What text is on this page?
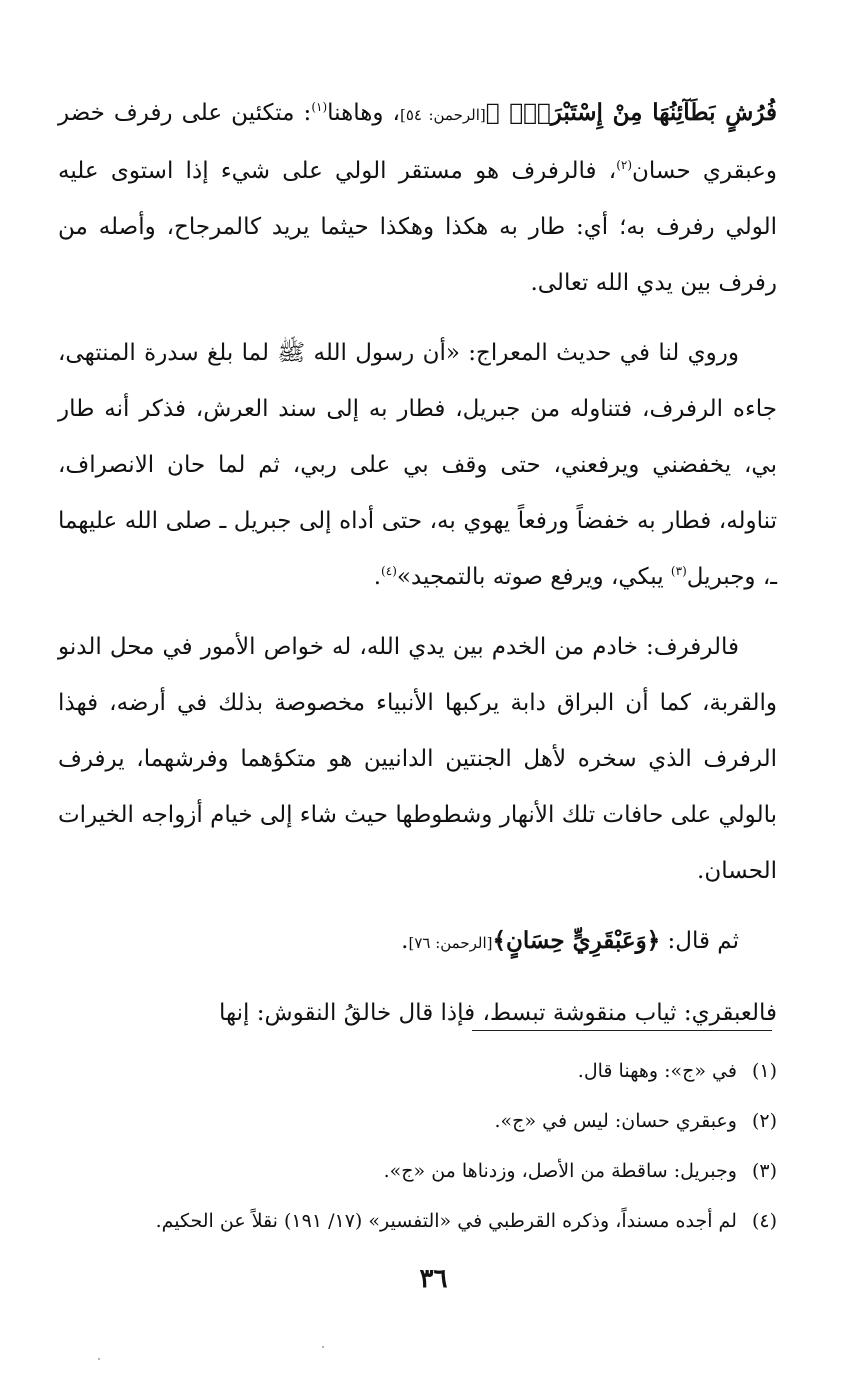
فُرُشٍ بَطَآئِنُهَا مِنْ إِسْتَبْرَقٍۚ ﴾[الرحمن: ٥٤]، وهاهنا$^{(١)}$: متكئين على رفرف خضر وعبقري حسان$^{(٢)}$، فالرفرف هو مستقر الولي على شيء إذا استوى عليه الولي رفرف به؛ أي: طار به هكذا وهكذا حيثما يريد كالمرجاح، وأصله من رفرف بين يدي الله تعالى.

وروي لنا في حديث المعراج: «أن رسول الله ﷺ لما بلغ سدرة المنتهى، جاءه الرفرف، فتناوله من جبريل، فطار به إلى سند العرش، فذكر أنه طار بي، يخفضني ويرفعني، حتى وقف بي على ربي، ثم لما حان الانصراف، تناوله، فطار به خفضاً ورفعاً يهوي به، حتى أداه إلى جبريل ـ صلى الله عليهما ـ، وجبريل$^{(٣)}$ يبكي، ويرفع صوته بالتمجيد»$^{(٤)}$.

فالرفرف: خادم من الخدم بين يدي الله، له خواص الأمور في محل الدنو والقربة، كما أن البراق دابة يركبها الأنبياء مخصوصة بذلك في أرضه، فهذا الرفرف الذي سخره لأهل الجنتين الدانيين هو متكؤهما وفرشهما، يرفرف بالولي على حافات تلك الأنهار وشطوطها حيث شاء إلى خيام أزواجه الخيرات الحسان.

ثم قال: ﴿وَعَبْقَرِيٍّ حِسَانٍ﴾[الرحمن: ٧٦].

فالعبقري: ثياب منقوشة تبسط، فإذا قال خالقُ النقوش: إنها

(١) في «ج»: وههنا قال.

(٢) وعبقري حسان: ليس في «ج».

(٣) وجبريل: ساقطة من الأصل، وزدناها من «ج».

(٤) لم أجده مسنداً، وذكره القرطبي في «التفسير» (١٧/ ١٩١) نقلاً عن الحكيم.

٣٦
